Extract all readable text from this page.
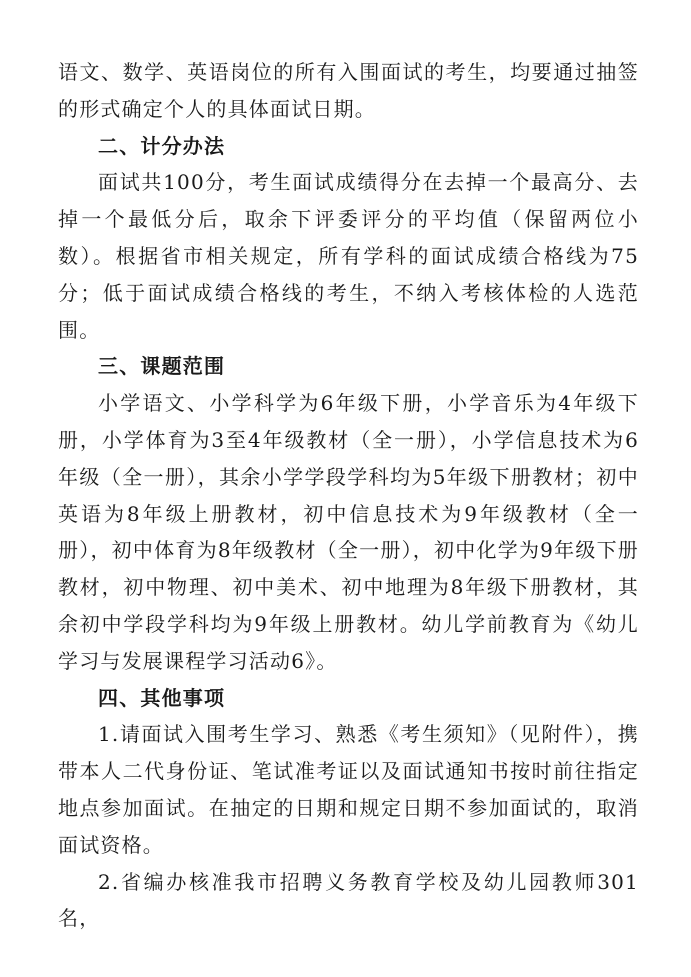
语文、数学、英语岗位的所有入围面试的考生，均要通过抽签的形式确定个人的具体面试日期。

二、计分办法

面试共100分，考生面试成绩得分在去掉一个最高分、去掉一个最低分后，取余下评委评分的平均值（保留两位小数）。根据省市相关规定，所有学科的面试成绩合格线为75分；低于面试成绩合格线的考生，不纳入考核体检的人选范围。

三、课题范围

小学语文、小学科学为6年级下册，小学音乐为4年级下册，小学体育为3至4年级教材（全一册），小学信息技术为6年级（全一册），其余小学学段学科均为5年级下册教材；初中英语为8年级上册教材，初中信息技术为9年级教材（全一册），初中体育为8年级教材（全一册），初中化学为9年级下册教材，初中物理、初中美术、初中地理为8年级下册教材，其余初中学段学科均为9年级上册教材。幼儿学前教育为《幼儿学习与发展课程学习活动6》。

四、其他事项

1.请面试入围考生学习、熟悉《考生须知》（见附件），携带本人二代身份证、笔试准考证以及面试通知书按时前往指定地点参加面试。在抽定的日期和规定日期不参加面试的，取消面试资格。

2.省编办核准我市招聘义务教育学校及幼儿园教师301名，
